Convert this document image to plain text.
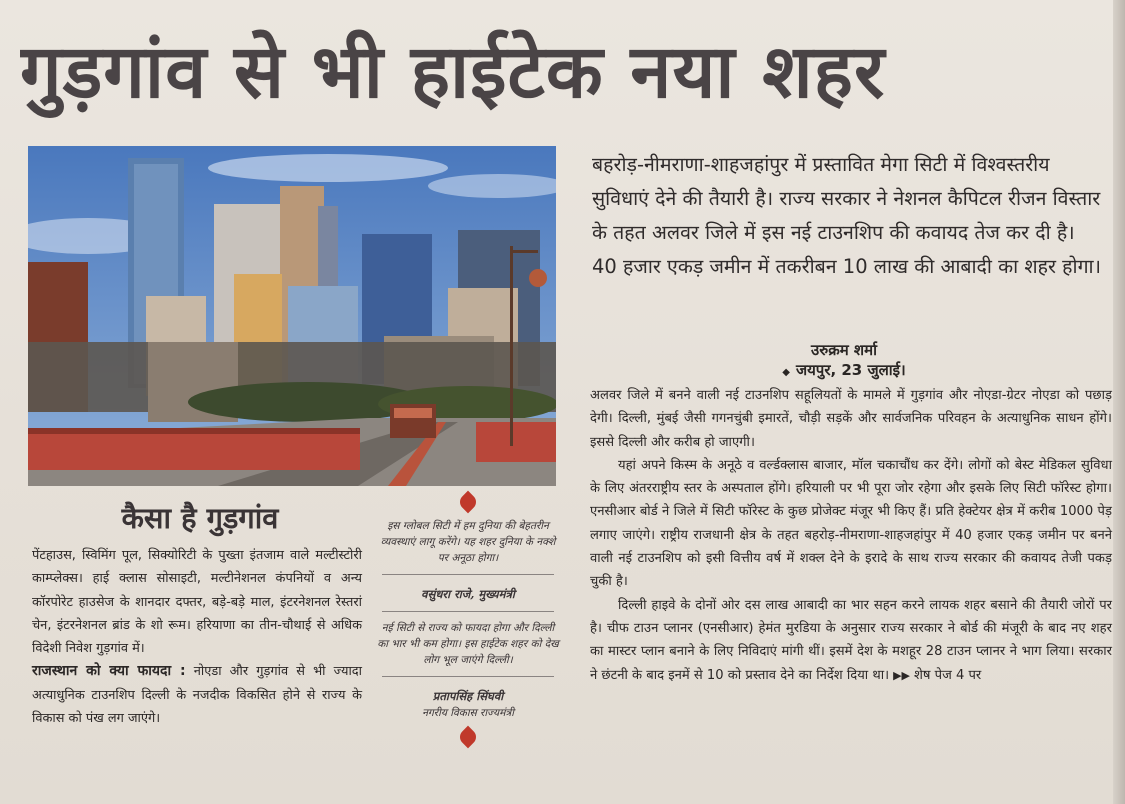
गुड़गांव से भी हाईटेक नया शहर

बहरोड़-नीमराणा-शाहजहांपुर में प्रस्तावित मेगा सिटी में विश्वस्तरीय सुविधाएं देने की तैयारी है। राज्य सरकार ने नेशनल कैपिटल रीजन विस्तार के तहत अलवर जिले में इस नई टाउनशिप की कवायद तेज कर दी है। 40 हजार एकड़ जमीन में तकरीबन 10 लाख की आबादी का शहर होगा।

उरुक्रम शर्मा
◆ जयपुर, 23 जुलाई।

अलवर जिले में बनने वाली नई टाउनशिप सहूलियतों के मामले में गुड़गांव और नोएडा-ग्रेटर नोएडा को पछाड़ देगी। दिल्ली, मुंबई जैसी गगनचुंबी इमारतें, चौड़ी सड़कें और सार्वजनिक परिवहन के अत्याधुनिक साधन होंगे। इससे दिल्ली और करीब हो जाएगी।

यहां अपने किस्म के अनूठे व वर्ल्डक्लास बाजार, मॉल चकाचौंध कर देंगे। लोगों को बेस्ट मेडिकल सुविधा के लिए अंतरराष्ट्रीय स्तर के अस्पताल होंगे। हरियाली पर भी पूरा जोर रहेगा और इसके लिए सिटी फॉरेस्ट होगा। एनसीआर बोर्ड ने जिले में सिटी फॉरेस्ट के कुछ प्रोजेक्ट मंजूर भी किए हैं। प्रति हेक्टेयर क्षेत्र में करीब 1000 पेड़ लगाए जाएंगे। राष्ट्रीय राजधानी क्षेत्र के तहत बहरोड़-नीमराणा-शाहजहांपुर में 40 हजार एकड़ जमीन पर बनने वाली नई टाउनशिप को इसी वित्तीय वर्ष में शक्ल देने के इरादे के साथ राज्य सरकार की कवायद तेजी पकड़ चुकी है।

दिल्ली हाइवे के दोनों ओर दस लाख आबादी का भार सहन करने लायक शहर बसाने की तैयारी जोरों पर है। चीफ टाउन प्लानर (एनसीआर) हेमंत मुरडिया के अनुसार राज्य सरकार ने बोर्ड की मंजूरी के बाद नए शहर का मास्टर प्लान बनाने के लिए निविदाएं मांगी थीं। इसमें देश के मशहूर 28 टाउन प्लानर ने भाग लिया। सरकार ने छंटनी के बाद इनमें से 10 को प्रस्ताव देने का निर्देश दिया था। ▶▶ शेष पेज 4 पर

कैसा है गुड़गांव

पेंटहाउस, स्विमिंग पूल, सिक्योरिटी के पुख्ता इंतजाम वाले मल्टीस्टोरी काम्प्लेक्स। हाई क्लास सोसाइटी, मल्टीनेशनल कंपनियों व अन्य कॉरपोरेट हाउसेज के शानदार दफ्तर, बड़े-बड़े माल, इंटरनेशनल रेस्तरां चेन, इंटरनेशनल ब्रांड के शो रूम। हरियाणा का तीन-चौथाई से अधिक विदेशी निवेश गुड़गांव में।

राजस्थान को क्या फायदा : नोएडा और गुड़गांव से भी ज्यादा अत्याधुनिक टाउनशिप दिल्ली के नजदीक विकसित होने से राज्य के विकास को पंख लग जाएंगे।

इस ग्लोबल सिटी में हम दुनिया की बेहतरीन व्यवस्थाएं लागू करेंगे। यह शहर दुनिया के नक्शे पर अनूठा होगा।
वसुंधरा राजे, मुख्यमंत्री
नई सिटी से राज्य को फायदा होगा और दिल्ली का भार भी कम होगा। इस हाईटेक शहर को देख लोग भूल जाएंगे दिल्ली।
प्रतापसिंह सिंघवी
नगरीय विकास राज्यमंत्री
